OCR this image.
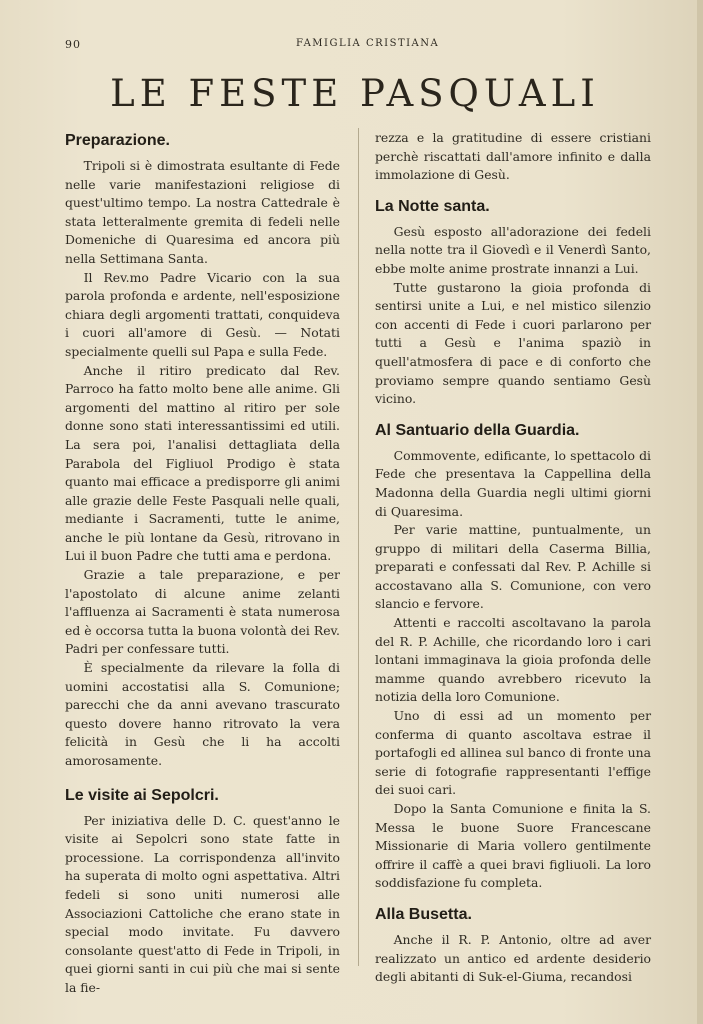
90	FAMIGLIA CRISTIANA
LE FESTE PASQUALI
Preparazione.

Tripoli si è dimostrata esultante di Fede nelle varie manifestazioni religiose di quest'ultimo tempo. La nostra Cattedrale è stata letteralmente gremita di fedeli nelle Domeniche di Quaresima ed ancora più nella Settimana Santa.

Il Rev.mo Padre Vicario con la sua parola profonda e ardente, nell'esposizione chiara degli argomenti trattati, conquideva i cuori all'amore di Gesù. — Notati specialmente quelli sul Papa e sulla Fede.

Anche il ritiro predicato dal Rev. Parroco ha fatto molto bene alle anime. Gli argomenti del mattino al ritiro per sole donne sono stati interessantissimi ed utili. La sera poi, l'analisi dettagliata della Parabola del Figliuol Prodigo è stata quanto mai efficace a predisporre gli animi alle grazie delle Feste Pasquali nelle quali, mediante i Sacramenti, tutte le anime, anche le più lontane da Gesù, ritrovano in Lui il buon Padre che tutti ama e perdona.

Grazie a tale preparazione, e per l'apostolato di alcune anime zelanti l'affluenza ai Sacramenti è stata numerosa ed è occorsa tutta la buona volontà dei Rev. Padri per confessare tutti.

È specialmente da rilevare la folla di uomini accostatisi alla S. Comunione; parecchi che da anni avevano trascurato questo dovere hanno ritrovato la vera felicità in Gesù che li ha accolti amorosamente.

Le visite ai Sepolcri.

Per iniziativa delle D. C. quest'anno le visite ai Sepolcri sono state fatte in processione. La corrispondenza all'invito ha superata di molto ogni aspettativa. Altri fedeli si sono uniti numerosi alle Associazioni Cattoliche che erano state in special modo invitate. Fu davvero consolante quest'atto di Fede in Tripoli, in quei giorni santi in cui più che mai si sente la fie-

rezza e la gratitudine di essere cristiani perchè riscattati dall'amore infinito e dalla immolazione di Gesù.

La Notte santa.

Gesù esposto all'adorazione dei fedeli nella notte tra il Giovedì e il Venerdì Santo, ebbe molte anime prostrate innanzi a Lui.

Tutte gustarono la gioia profonda di sentirsi unite a Lui, e nel mistico silenzio con accenti di Fede i cuori parlarono per tutti a Gesù e l'anima spaziò in quell'atmosfera di pace e di conforto che proviamo sempre quando sentiamo Gesù vicino.

Al Santuario della Guardia.

Commovente, edificante, lo spettacolo di Fede che presentava la Cappellina della Madonna della Guardia negli ultimi giorni di Quaresima.

Per varie mattine, puntualmente, un gruppo di militari della Caserma Billia, preparati e confessati dal Rev. P. Achille si accostavano alla S. Comunione, con vero slancio e fervore.

Attenti e raccolti ascoltavano la parola del R. P. Achille, che ricordando loro i cari lontani immaginava la gioia profonda delle mamme quando avrebbero ricevuto la notizia della loro Comunione.

Uno di essi ad un momento per conferma di quanto ascoltava estrae il portafogli ed allinea sul banco di fronte una serie di fotografie rappresentanti l'effige dei suoi cari.

Dopo la Santa Comunione e finita la S. Messa le buone Suore Francescane Missionarie di Maria vollero gentilmente offrire il caffè a quei bravi figliuoli. La loro soddisfazione fu completa.

Alla Busetta.

Anche il R. P. Antonio, oltre ad aver realizzato un antico ed ardente desiderio degli abitanti di Suk-el-Giuma, recandosi
